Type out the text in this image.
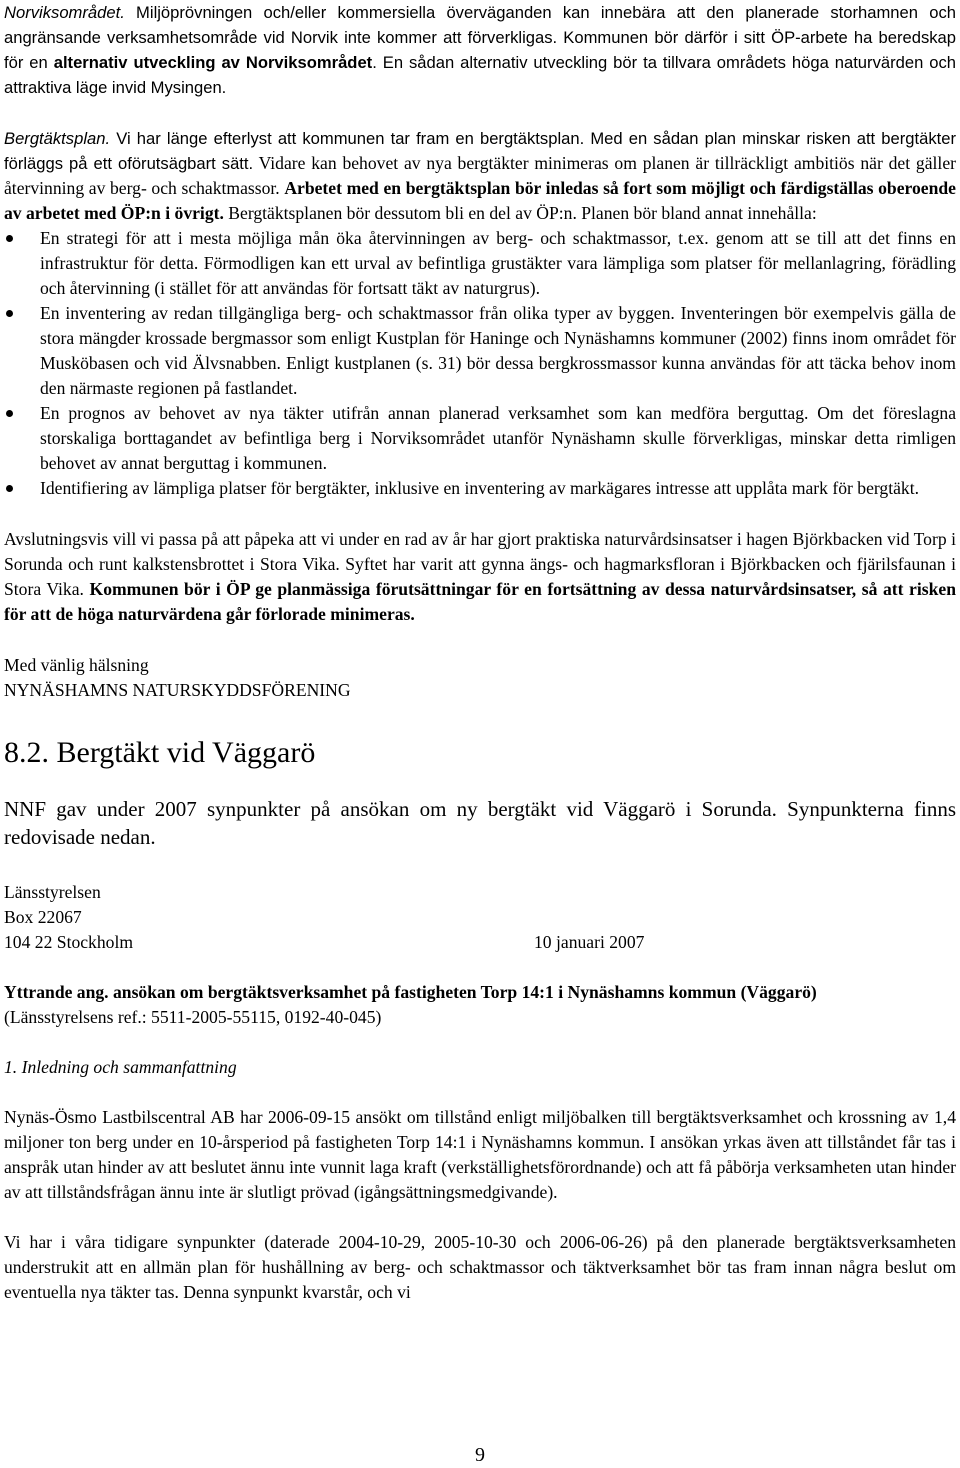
Norviksområdet. Miljöprövningen och/eller kommersiella överväganden kan innebära att den planerade storhamnen och angränsande verksamhetsområde vid Norvik inte kommer att förverkligas. Kommunen bör därför i sitt ÖP-arbete ha beredskap för en alternativ utveckling av Norviksområdet. En sådan alternativ utveckling bör ta tillvara områdets höga naturvärden och attraktiva läge invid Mysingen.

Bergtäktsplan. Vi har länge efterlyst att kommunen tar fram en bergtäktsplan. Med en sådan plan minskar risken att bergtäkter förläggs på ett oförutsägbart sätt. Vidare kan behovet av nya bergtäkter minimeras om planen är tillräckligt ambitiös när det gäller återvinning av berg- och schaktmassor. Arbetet med en bergtäktsplan bör inledas så fort som möjligt och färdigställas oberoende av arbetet med ÖP:n i övrigt. Bergtäktsplanen bör dessutom bli en del av ÖP:n. Planen bör bland annat innehålla:

En strategi för att i mesta möjliga mån öka återvinningen av berg- och schaktmassor, t.ex. genom att se till att det finns en infrastruktur för detta. Förmodligen kan ett urval av befintliga grustäkter vara lämpliga som platser för mellanlagring, förädling och återvinning (i stället för att användas för fortsatt täkt av naturgrus).
En inventering av redan tillgängliga berg- och schaktmassor från olika typer av byggen. Inventeringen bör exempelvis gälla de stora mängder krossade bergmassor som enligt Kustplan för Haninge och Nynäshamns kommuner (2002) finns inom området för Musköbasen och vid Älvsnabben. Enligt kustplanen (s. 31) bör dessa bergkrossmassor kunna användas för att täcka behov inom den närmaste regionen på fastlandet.
En prognos av behovet av nya täkter utifrån annan planerad verksamhet som kan medföra berguttag. Om det föreslagna storskaliga borttagandet av befintliga berg i Norviksområdet utanför Nynäshamn skulle förverkligas, minskar detta rimligen behovet av annat berguttag i kommunen.
Identifiering av lämpliga platser för bergtäkter, inklusive en inventering av markägares intresse att upplåta mark för bergtäkt.

Avslutningsvis vill vi passa på att påpeka att vi under en rad av år har gjort praktiska naturvårdsinsatser i hagen Björkbacken vid Torp i Sorunda och runt kalkstensbrottet i Stora Vika. Syftet har varit att gynna ängs- och hagmarksfloran i Björkbacken och fjärilsfaunan i Stora Vika. Kommunen bör i ÖP ge planmässiga förutsättningar för en fortsättning av dessa naturvårdsinsatser, så att risken för att de höga naturvärdena går förlorade minimeras.

Med vänlig hälsning

NYNÄSHAMNS NATURSKYDDSFÖRENING

8.2. Bergtäkt vid Väggarö

NNF gav under 2007 synpunkter på ansökan om ny bergtäkt vid Väggarö i Sorunda. Synpunkterna finns redovisade nedan.

Länsstyrelsen

Box 22067

104 22 Stockholm	10 januari 2007

Yttrande ang. ansökan om bergtäktsverksamhet på fastigheten Torp 14:1 i Nynäshamns kommun (Väggarö)

(Länsstyrelsens ref.: 5511-2005-55115, 0192-40-045)

1. Inledning och sammanfattning

Nynäs-Ösmo Lastbilscentral AB har 2006-09-15 ansökt om tillstånd enligt miljöbalken till bergtäktsverksamhet och krossning av 1,4 miljoner ton berg under en 10-årsperiod på fastigheten Torp 14:1 i Nynäshamns kommun. I ansökan yrkas även att tillståndet får tas i anspråk utan hinder av att beslutet ännu inte vunnit laga kraft (verkställighetsförordnande) och att få påbörja verksamheten utan hinder av att tillståndsfrågan ännu inte är slutligt prövad (igångsättningsmedgivande).

Vi har i våra tidigare synpunkter (daterade 2004-10-29, 2005-10-30 och 2006-06-26) på den planerade bergtäktsverksamheten understrukit att en allmän plan för hushållning av berg- och schaktmassor och täktverksamhet bör tas fram innan några beslut om eventuella nya täkter tas. Denna synpunkt kvarstår, och vi

9
